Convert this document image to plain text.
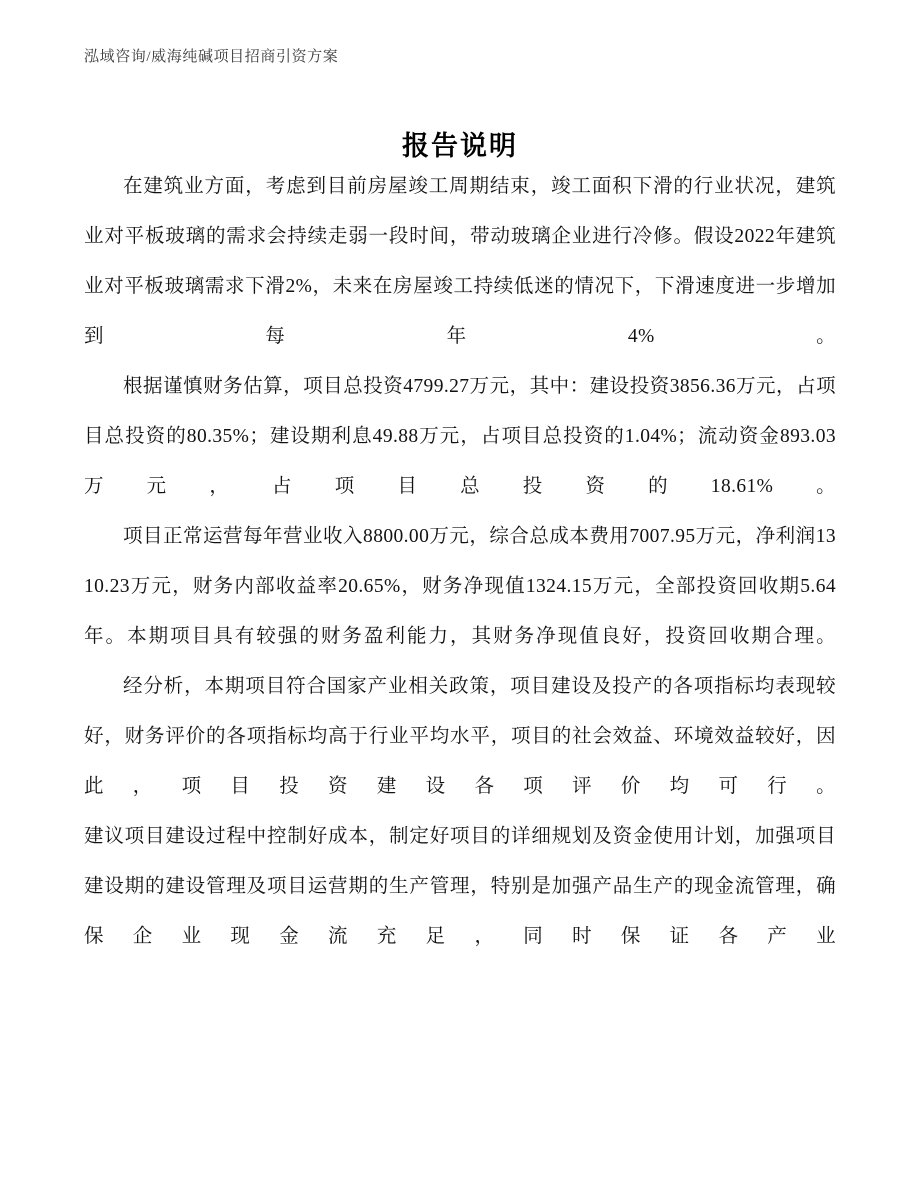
泓域咨询/威海纯碱项目招商引资方案
报告说明

在建筑业方面，考虑到目前房屋竣工周期结束，竣工面积下滑的行业状况，建筑业对平板玻璃的需求会持续走弱一段时间，带动玻璃企业进行冷修。假设2022年建筑业对平板玻璃需求下滑2%，未来在房屋竣工持续低迷的情况下，下滑速度进一步增加到每年4%。

根据谨慎财务估算，项目总投资4799.27万元，其中：建设投资3856.36万元，占项目总投资的80.35%；建设期利息49.88万元，占项目总投资的1.04%；流动资金893.03万元，占项目总投资的18.61%。

项目正常运营每年营业收入8800.00万元，综合总成本费用7007.95万元，净利润1310.23万元，财务内部收益率20.65%，财务净现值1324.15万元，全部投资回收期5.64年。本期项目具有较强的财务盈利能力，其财务净现值良好，投资回收期合理。

经分析，本期项目符合国家产业相关政策，项目建设及投产的各项指标均表现较好，财务评价的各项指标均高于行业平均水平，项目的社会效益、环境效益较好，因此，项目投资建设各项评价均可行。

建议项目建设过程中控制好成本，制定好项目的详细规划及资金使用计划，加强项目建设期的建设管理及项目运营期的生产管理，特别是加强产品生产的现金流管理，确保企业现金流充足，同时保证各产业
